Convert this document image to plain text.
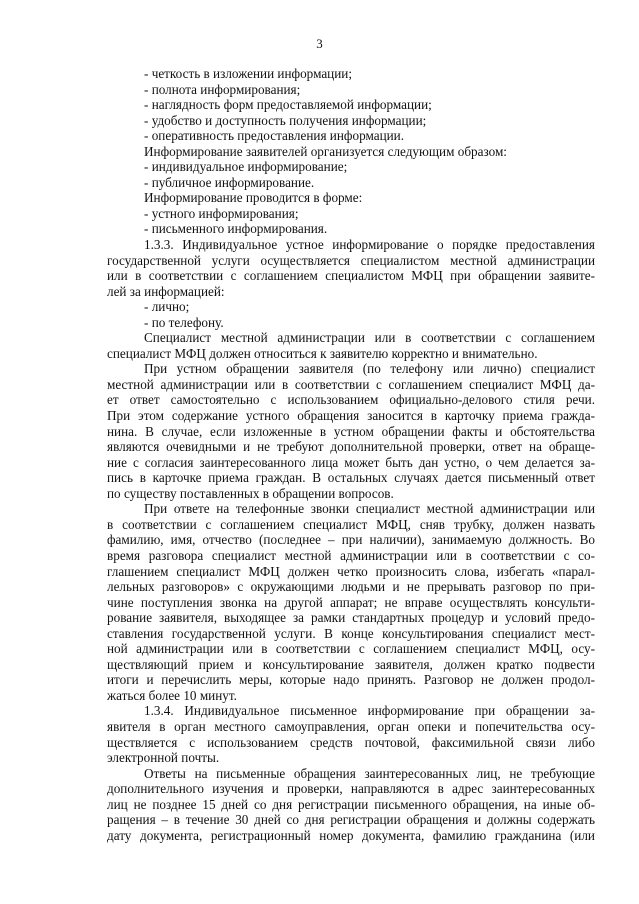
3
- четкость в изложении информации;
- полнота информирования;
- наглядность форм предоставляемой информации;
- удобство и доступность получения информации;
- оперативность предоставления информации.
Информирование заявителей организуется следующим образом:
- индивидуальное информирование;
- публичное информирование.
Информирование проводится в форме:
- устного информирования;
- письменного информирования.
1.3.3. Индивидуальное устное информирование о порядке предоставления
государственной услуги осуществляется специалистом местной администрации
или в соответствии с соглашением специалистом МФЦ при обращении заявите-
лей за информацией:
- лично;
- по телефону.
Специалист местной администрации или в соответствии с соглашением
специалист МФЦ должен относиться к заявителю корректно и внимательно.
При устном обращении заявителя (по телефону или лично) специалист
местной администрации или в соответствии с соглашением специалист МФЦ да-
ет ответ самостоятельно с использованием официально-делового стиля речи.
При этом содержание устного обращения заносится в карточку приема гражда-
нина. В случае, если изложенные в устном обращении факты и обстоятельства
являются очевидными и не требуют дополнительной проверки, ответ на обраще-
ние с согласия заинтересованного лица может быть дан устно, о чем делается за-
пись в карточке приема граждан. В остальных случаях дается письменный ответ
по существу поставленных в обращении вопросов.
При ответе на телефонные звонки специалист местной администрации или
в соответствии с соглашением специалист МФЦ, сняв трубку, должен назвать
фамилию, имя, отчество (последнее – при наличии), занимаемую должность. Во
время разговора специалист местной администрации или в соответствии с со-
глашением специалист МФЦ должен четко произносить слова, избегать «парал-
лельных разговоров» с окружающими людьми и не прерывать разговор по при-
чине поступления звонка на другой аппарат; не вправе осуществлять консульти-
рование заявителя, выходящее за рамки стандартных процедур и условий предо-
ставления государственной услуги. В конце консультирования специалист мест-
ной администрации или в соответствии с соглашением специалист МФЦ, осу-
ществляющий прием и консультирование заявителя, должен кратко подвести
итоги и перечислить меры, которые надо принять. Разговор не должен продол-
жаться более 10 минут.
1.3.4. Индивидуальное письменное информирование при обращении за-
явителя в орган местного самоуправления, орган опеки и попечительства осу-
ществляется с использованием средств почтовой, факсимильной связи либо
электронной почты.
Ответы на письменные обращения заинтересованных лиц, не требующие
дополнительного изучения и проверки, направляются в адрес заинтересованных
лиц не позднее 15 дней со дня регистрации письменного обращения, на иные об-
ращения – в течение 30 дней со дня регистрации обращения и должны содержать
дату документа, регистрационный номер документа, фамилию гражданина (или
